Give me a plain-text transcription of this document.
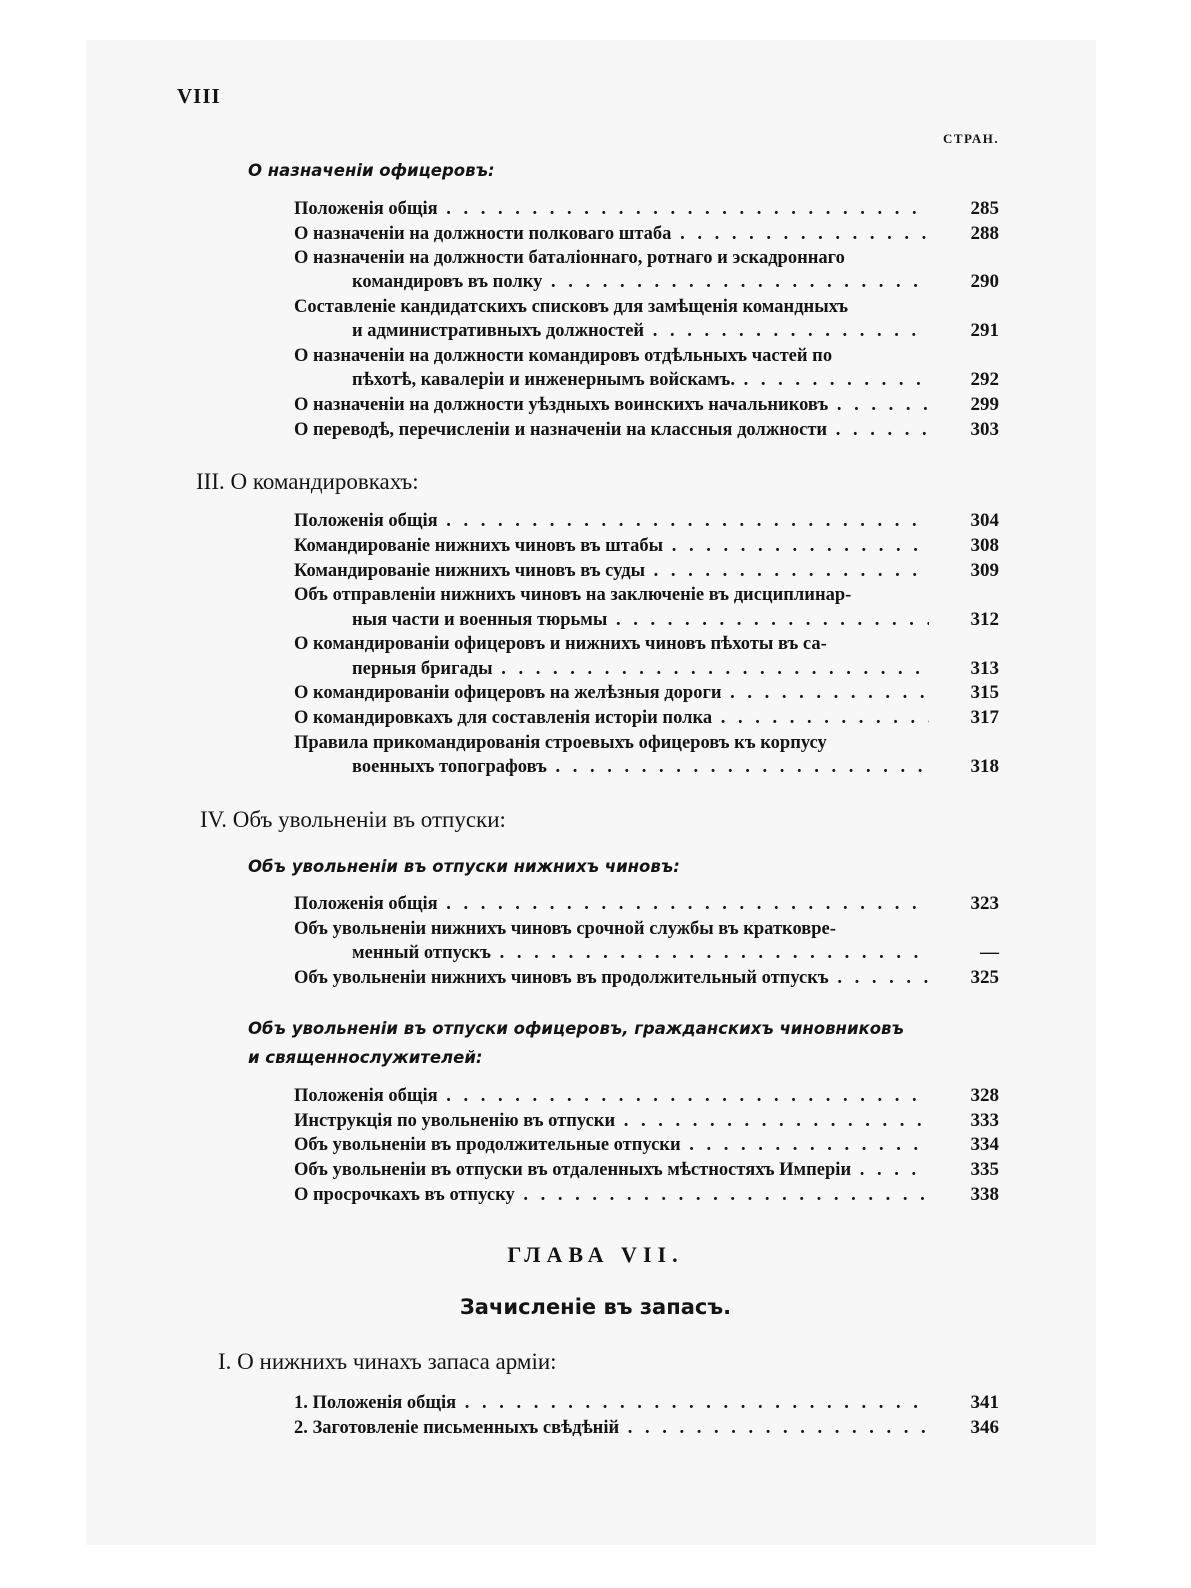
VIII
СТРАН.
О назначеніи офицеровъ:
Положенія общія . . .	285
О назначеніи на должности полковаго штаба . . .	288
О назначеніи на должности баталіоннаго, ротнаго и эскадроннаго
командировъ въ полку . . .	290
Составленіе кандидатскихъ списковъ для замѣщенія командныхъ
и административныхъ должностей . . .	291
О назначеніи на должности командировъ отдѣльныхъ частей по
пѣхотѣ, кавалеріи и инженернымъ войскамъ. . . .	292
О назначеніи на должности уѣздныхъ воинскихъ начальниковъ . . .	299
О переводѣ, перечисленіи и назначеніи на классныя должности . . .	303
III. О командировкахъ:
Положенія общія . . .	304
Командированіе нижнихъ чиновъ въ штабы . . .	308
Командированіе нижнихъ чиновъ въ суды . . .	309
Объ отправленіи нижнихъ чиновъ на заключеніе въ дисциплинар-
ныя части и военныя тюрьмы . . .	312
О командированіи офицеровъ и нижнихъ чиновъ пѣхоты въ са-
перныя бригады . . .	313
О командированіи офицеровъ на желѣзныя дороги . . .	315
О командировкахъ для составленія исторіи полка . . .	317
Правила прикомандированія строевыхъ офицеровъ къ корпусу
военныхъ топографовъ . . .	318
IV. Объ увольненіи въ отпуски:
Объ увольненіи въ отпуски нижнихъ чиновъ:
Положенія общія . . .	323
Объ увольненіи нижнихъ чиновъ срочной службы въ кратковре-
менный отпускъ . . .	—
Объ увольненіи нижнихъ чиновъ въ продолжительный отпускъ . . .	325
Объ увольненіи въ отпуски офицеровъ, гражданскихъ чиновниковъ
и священнослужителей:
Положенія общія . . .	328
Инструкція по увольненію въ отпуски . . .	333
Объ увольненіи въ продолжительные отпуски . . .	334
Объ увольненіи въ отпуски въ отдаленныхъ мѣстностяхъ Имперіи . . .	335
О просрочкахъ въ отпуску . . .	338
ГЛАВА VII.
Зачисленіе въ запасъ.
I. О нижнихъ чинахъ запаса арміи:
1. Положенія общія . . .	341
2. Заготовленіе письменныхъ свѣдѣній . . .	346
